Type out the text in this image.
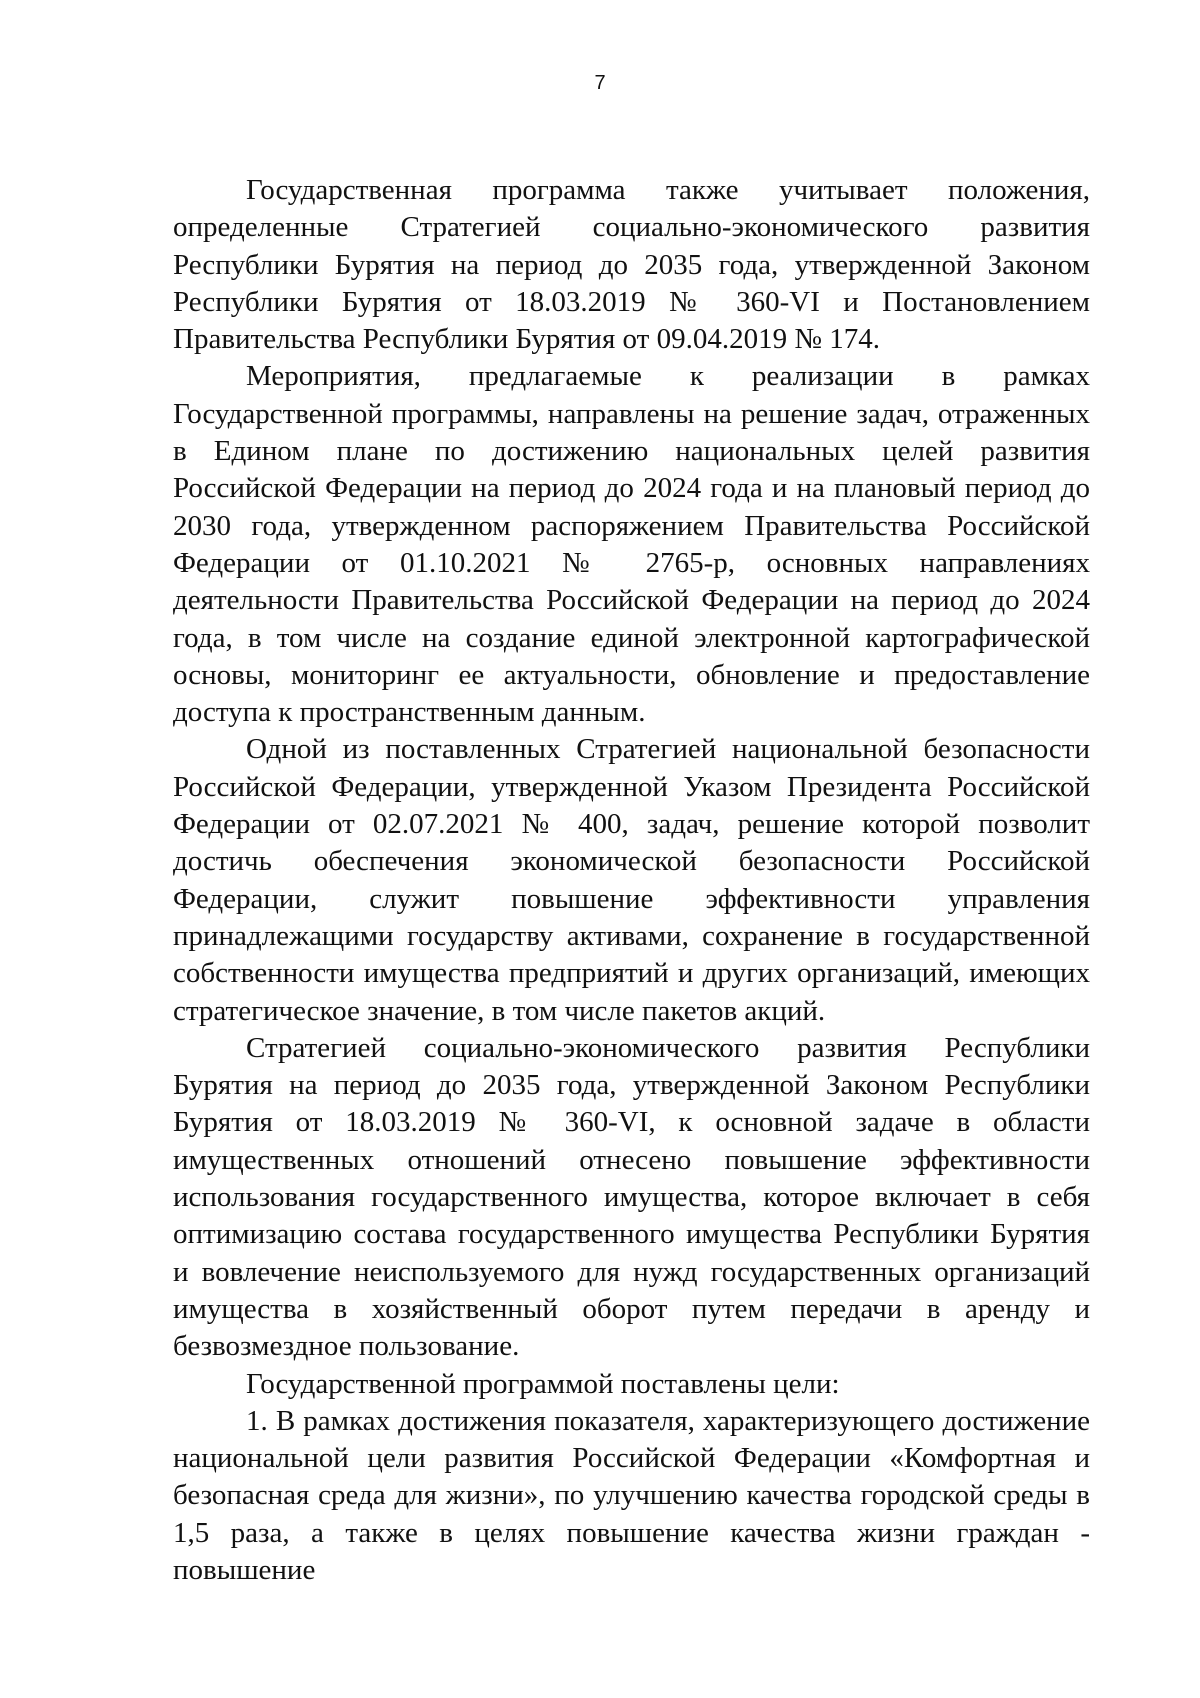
7

Государственная программа также учитывает положения, определенные Стратегией социально-экономического развития Республики Бурятия на период до 2035 года, утвержденной Законом Республики Бурятия от 18.03.2019 № 360-VI и Постановлением Правительства Республики Бурятия от 09.04.2019 № 174.

Мероприятия, предлагаемые к реализации в рамках Государственной программы, направлены на решение задач, отраженных в Едином плане по достижению национальных целей развития Российской Федерации на период до 2024 года и на плановый период до 2030 года, утвержденном распоряжением Правительства Российской Федерации от 01.10.2021 № 2765-р, основных направлениях деятельности Правительства Российской Федерации на период до 2024 года, в том числе на создание единой электронной картографической основы, мониторинг ее актуальности, обновление и предоставление доступа к пространственным данным.

Одной из поставленных Стратегией национальной безопасности Российской Федерации, утвержденной Указом Президента Российской Федерации от 02.07.2021 № 400, задач, решение которой позволит достичь обеспечения экономической безопасности Российской Федерации, служит повышение эффективности управления принадлежащими государству активами, сохранение в государственной собственности имущества предприятий и других организаций, имеющих стратегическое значение, в том числе пакетов акций.

Стратегией социально-экономического развития Республики Бурятия на период до 2035 года, утвержденной Законом Республики Бурятия от 18.03.2019 № 360-VI, к основной задаче в области имущественных отношений отнесено повышение эффективности использования государственного имущества, которое включает в себя оптимизацию состава государственного имущества Республики Бурятия и вовлечение неиспользуемого для нужд государственных организаций имущества в хозяйственный оборот путем передачи в аренду и безвозмездное пользование.

Государственной программой поставлены цели:

1. В рамках достижения показателя, характеризующего достижение национальной цели развития Российской Федерации «Комфортная и безопасная среда для жизни», по улучшению качества городской среды в 1,5 раза, а также в целях повышение качества жизни граждан - повышение
